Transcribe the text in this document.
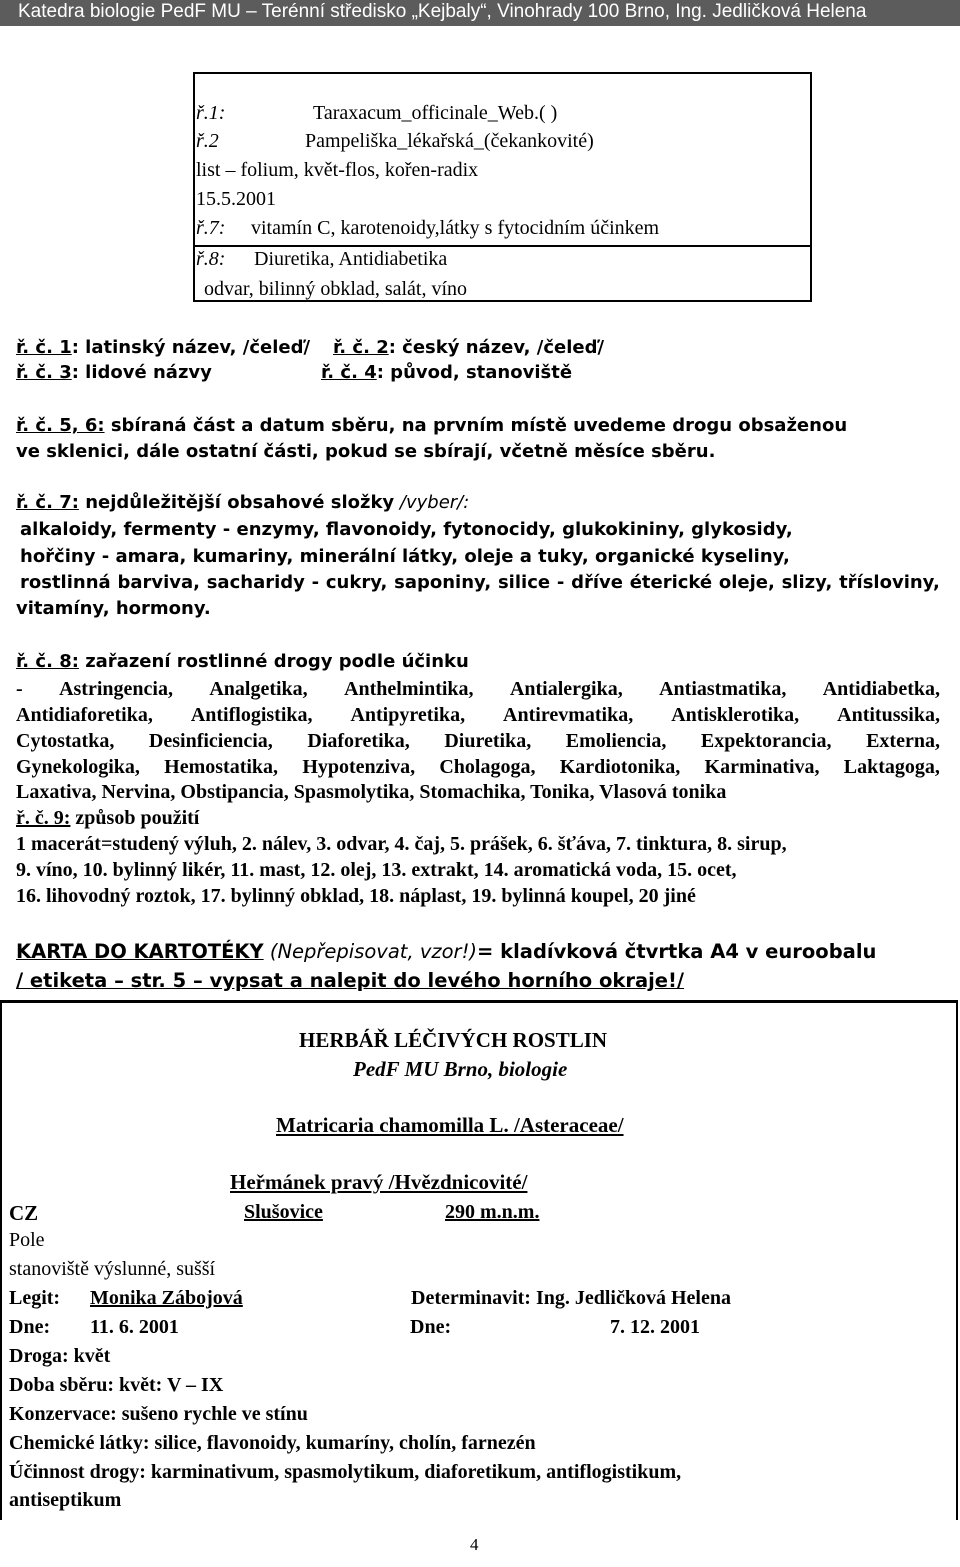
Katedra biologie PedF MU – Terénní středisko „Kejbaly“, Vinohrady 100 Brno, Ing. Jedličková Helena
ř.1:	Taraxacum_officinale_Web.( )
ř.2	Pampeliška_lékařská_(čekankovité)
list – folium, květ-flos, kořen-radix
15.5.2001
ř.7: vitamín C, karotenoidy,látky s fytocidním účinkem
ř.8: Diuretika, Antidiabetika
odvar, bilinný obklad, salát, víno
ř. č. 1: latinský název, /čeleď/ ř. č. 2: český název, /čeleď/
ř. č. 3: lidové názvy	ř. č. 4: původ, stanoviště
ř. č. 5, 6: sbíraná část a datum sběru, na prvním místě uvedeme drogu obsaženou
ve sklenici, dále ostatní části, pokud se sbírají, včetně měsíce sběru.
ř. č. 7: nejdůležitější obsahové složky /vyber/:
alkaloidy, fermenty - enzymy, flavonoidy, fytonocidy, glukokininy, glykosidy,
hořčiny - amara, kumariny, minerální látky, oleje a tuky, organické kyseliny,
rostlinná barviva, sacharidy - cukry, saponiny, silice - dříve éterické oleje, slizy, třísloviny,
vitamíny, hormony.
ř. č. 8: zařazení rostlinné drogy podle účinku
- Astringencia, Analgetika, Anthelmintika, Antialergika, Antiastmatika, Antidiabetka,
Antidiaforetika, Antiflogistika, Antipyretika, Antirevmatika, Antisklerotika, Antitussika,
Cytostatka, Desinficiencia, Diaforetika, Diuretika, Emoliencia, Expektorancia, Externa,
Gynekologika, Hemostatika, Hypotenziva, Cholagoga, Kardiotonika, Karminativa, Laktagoga,
Laxativa, Nervina, Obstipancia, Spasmolytika, Stomachika, Tonika, Vlasová tonika
ř. č. 9: způsob použití
1 macerát=studený výluh, 2. nálev, 3. odvar, 4. čaj, 5. prášek, 6. šťáva, 7. tinktura, 8. sirup,
9. víno, 10. bylinný likér, 11. mast, 12. olej, 13. extrakt, 14. aromatická voda, 15. ocet,
16. lihovodný roztok, 17. bylinný obklad, 18. náplast, 19. bylinná koupel, 20 jiné
KARTA DO KARTOTÉKY (Nepřepisovat, vzor!)= kladívková čtvrtka A4 v euroobalu
/ etiketa – str. 5 – vypsat a nalepit do levého horního okraje!/
HERBÁŘ LÉČIVÝCH ROSTLIN
PedF MU Brno, biologie
Matricaria chamomilla L. /Asteraceae/
Heřmánek pravý /Hvězdnicovité/
CZ	Slušovice	290 m.n.m.
Pole
stanoviště výslunné, sušší
Legit: Monika Zábojová	Determinavit: Ing. Jedličková Helena
Dne: 11. 6. 2001	Dne:	7. 12. 2001
Droga: květ
Doba sběru: květ: V – IX
Konzervace: sušeno rychle ve stínu
Chemické látky: silice, flavonoidy, kumaríny, cholín, farnezén
Účinnost drogy: karminativum, spasmolytikum, diaforetikum, antiflogistikum,
antiseptikum
4
